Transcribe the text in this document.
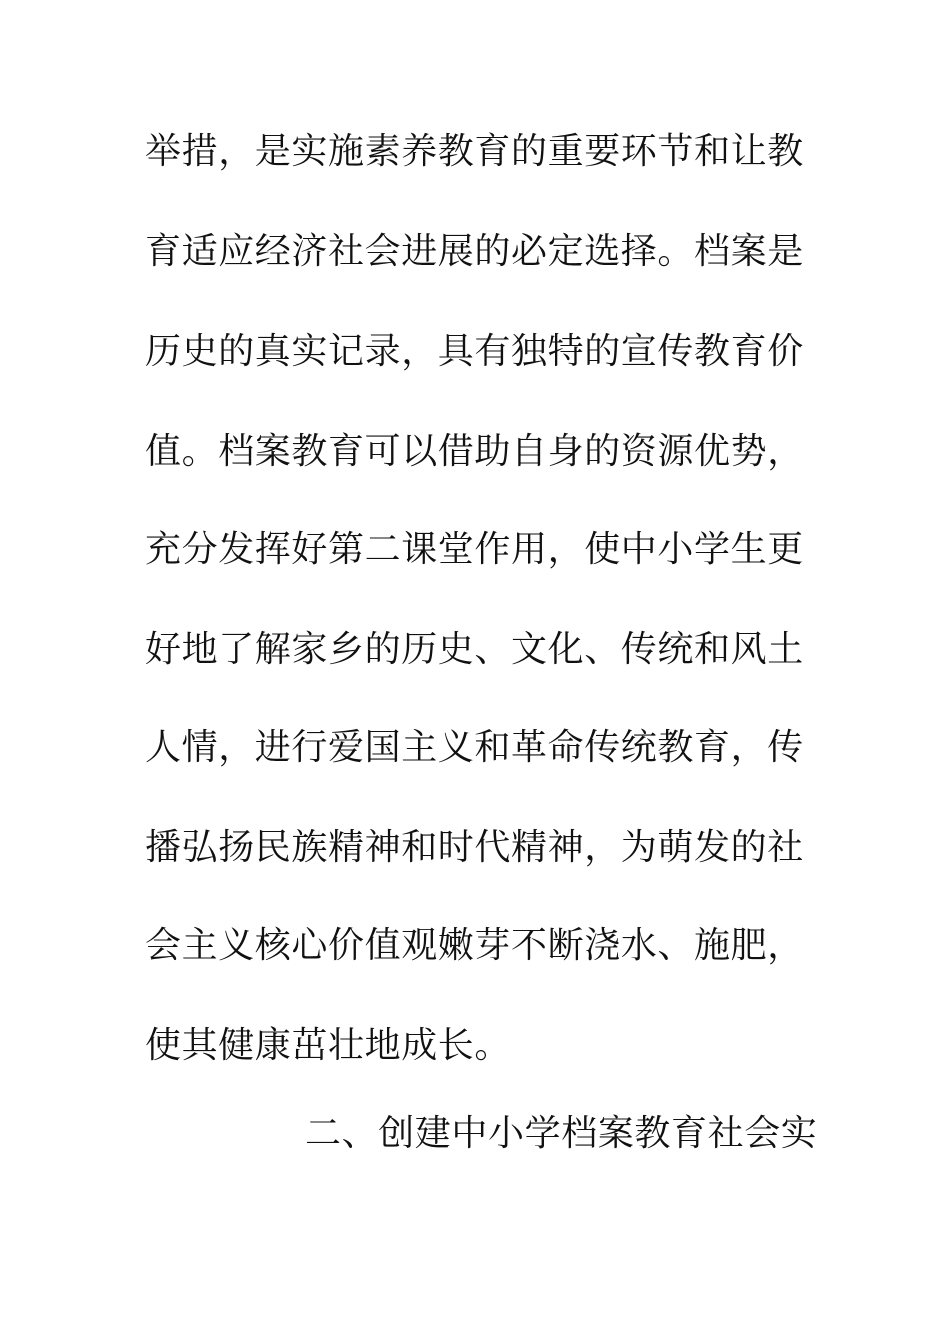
举措，是实施素养教育的重要环节和让教
育适应经济社会进展的必定选择。档案是
历史的真实记录，具有独特的宣传教育价
值。档案教育可以借助自身的资源优势，
充分发挥好第二课堂作用，使中小学生更
好地了解家乡的历史、文化、传统和风土
人情，进行爱国主义和革命传统教育，传
播弘扬民族精神和时代精神，为萌发的社
会主义核心价值观嫩芽不断浇水、施肥，
使其健康茁壮地成长。
二、创建中小学档案教育社会实
